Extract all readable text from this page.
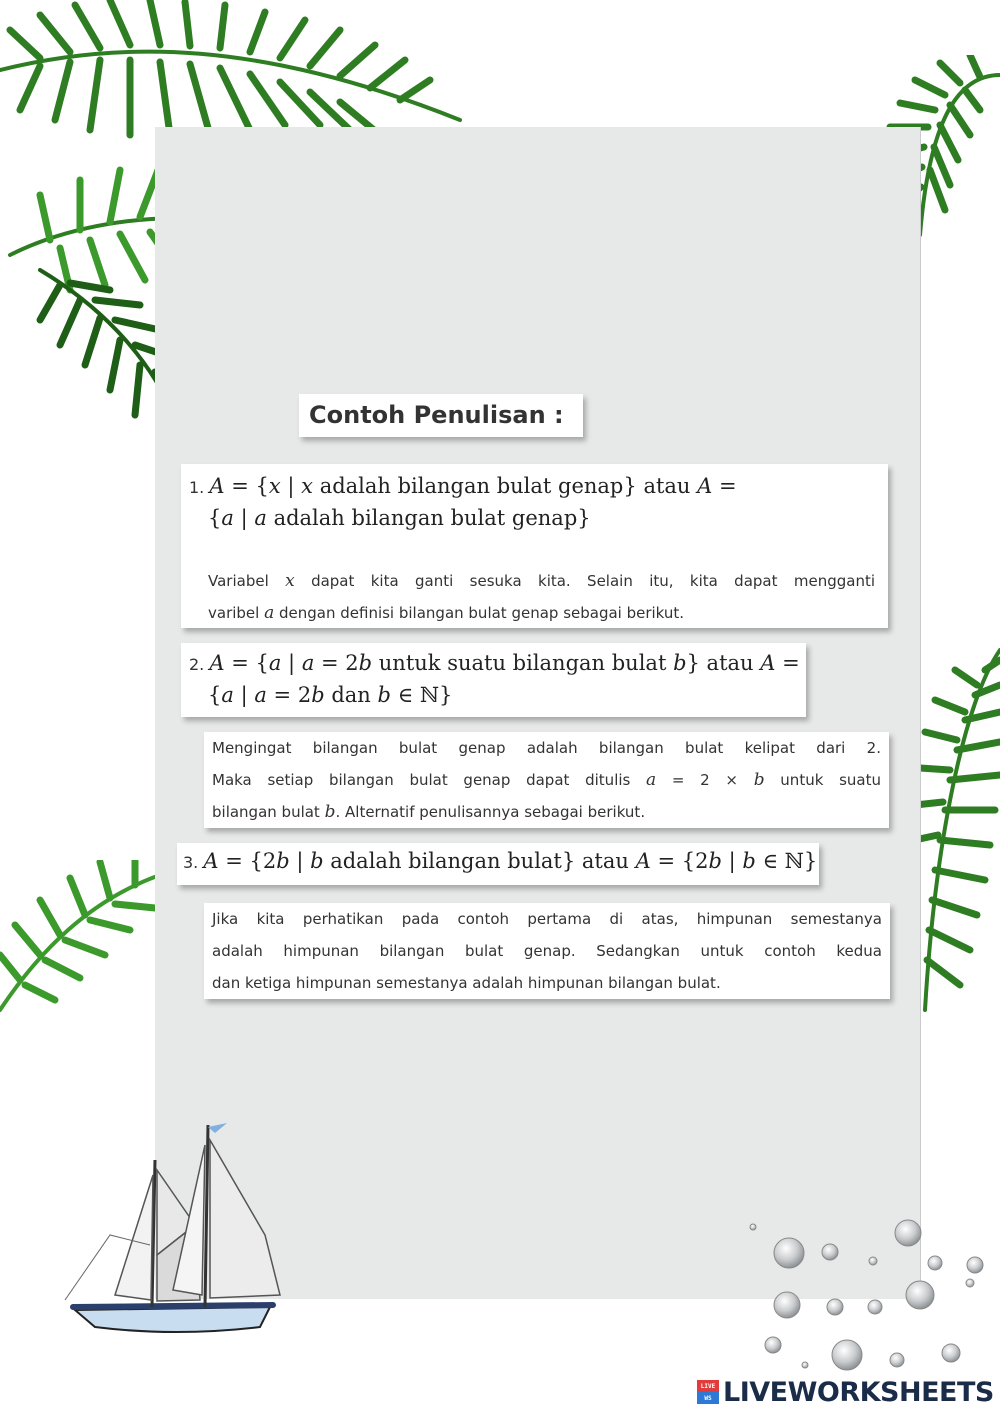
Contoh Penulisan :
1. A = {x | x adalah bilangan bulat genap} atau A =
{a | a adalah bilangan bulat genap}
Variabel x dapat kita ganti sesuka kita. Selain itu, kita dapat mengganti
varibel a dengan definisi bilangan bulat genap sebagai berikut.
2. A = {a | a = 2b untuk suatu bilangan bulat b} atau A =
{a | a = 2b dan b ∈ ℕ}
Mengingat bilangan bulat genap adalah bilangan bulat kelipat dari 2.
Maka setiap bilangan bulat genap dapat ditulis a = 2 × b untuk suatu
bilangan bulat b. Alternatif penulisannya sebagai berikut.
3. A = {2b | b adalah bilangan bulat} atau A = {2b | b ∈ ℕ}
Jika kita perhatikan pada contoh pertama di atas, himpunan semestanya
adalah himpunan bilangan bulat genap. Sedangkan untuk contoh kedua
dan ketiga himpunan semestanya adalah himpunan bilangan bulat.
LIVE
WS LIVEWORKSHEETS
